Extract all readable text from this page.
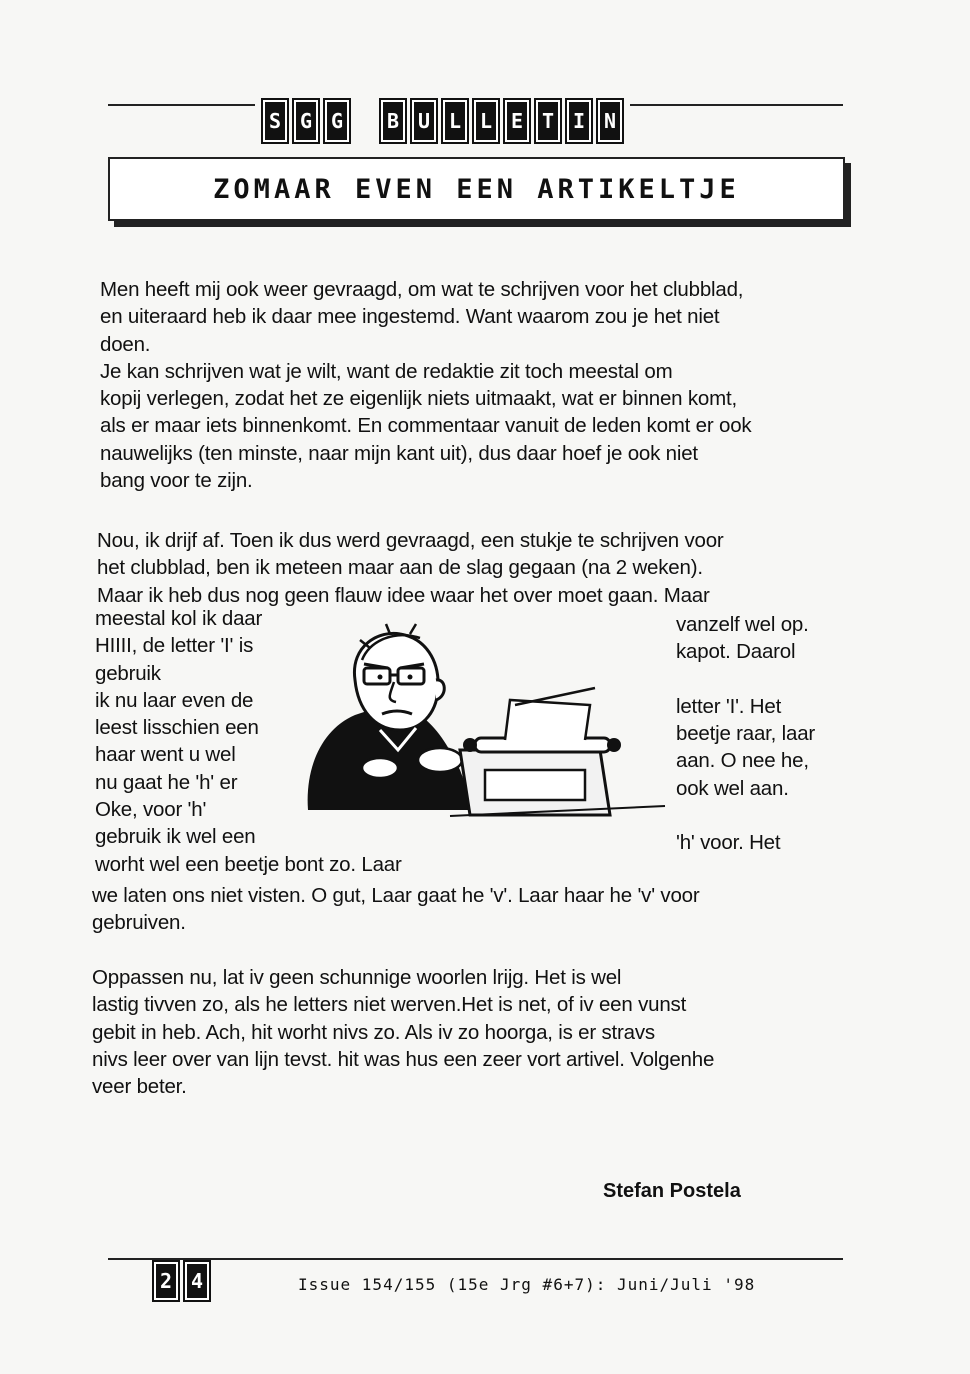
S G G	B U L L E T I N
ZOMAAR EVEN EEN ARTIKELTJE

Men heeft mij ook weer gevraagd, om wat te schrijven voor het clubblad,

en uiteraard heb ik daar mee ingestemd. Want waarom zou je het niet

doen.

Je kan schrijven wat je wilt, want de redaktie zit toch meestal om

kopij verlegen, zodat het ze eigenlijk niets uitmaakt, wat er binnen komt,

als er maar iets binnenkomt. En commentaar vanuit de leden komt er ook

nauwelijks (ten minste, naar mijn kant uit), dus daar hoef je ook niet

bang voor te zijn.

Nou, ik drijf af. Toen ik dus werd gevraagd, een stukje te schrijven voor

het clubblad, ben ik meteen maar aan de slag gegaan (na 2 weken).

Maar ik heb dus nog geen flauw idee waar het over moet gaan. Maar

meestal kol ik daar

HIIII, de letter 'I' is

gebruik

ik nu laar even de

leest lisschien een

haar went u wel

nu gaat he 'h' er

Oke, voor 'h'

gebruik ik wel een

worht wel een beetje bont zo. Laar

vanzelf wel op.

kapot. Daarol

letter 'I'. Het

beetje raar, laar

aan. O nee he,

ook wel aan.

'h' voor. Het

we laten ons niet visten. O gut, Laar gaat he 'v'. Laar haar he 'v' voor

gebruiven.

Oppassen nu, lat iv geen schunnige woorlen lrijg. Het is wel

lastig tivven zo, als he letters niet werven.Het is net, of iv een vunst

gebit in heb. Ach, hit worht nivs zo. Als iv zo hoorga, is er stravs

nivs leer over van lijn tevst. hit was hus een zeer vort artivel. Volgenhe

veer beter.

Stefan Postela
2 4	Issue 154/155 (15e Jrg #6+7): Juni/Juli '98
